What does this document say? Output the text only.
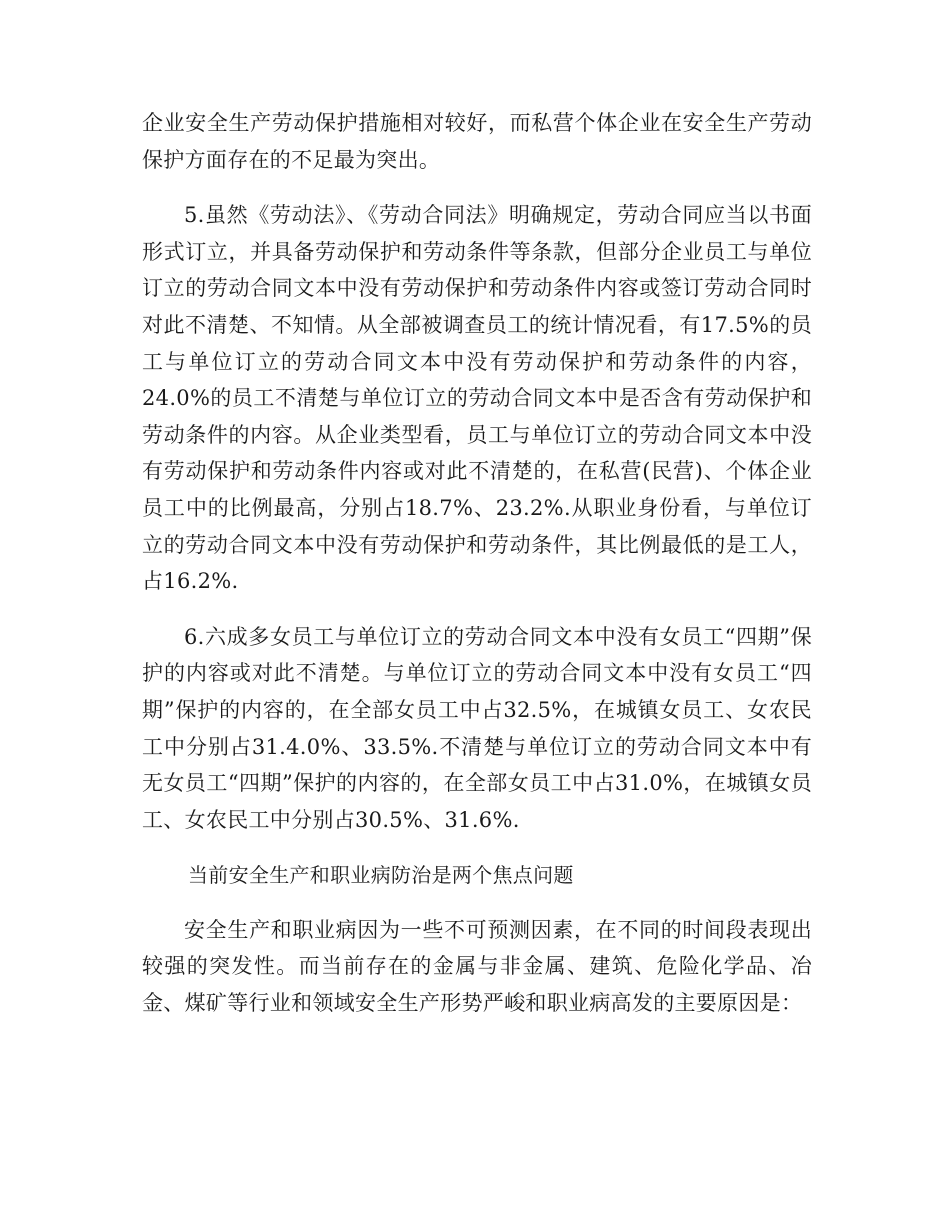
企业安全生产劳动保护措施相对较好，而私营个体企业在安全生产劳动保护方面存在的不足最为突出。

5.虽然《劳动法》、《劳动合同法》明确规定，劳动合同应当以书面形式订立，并具备劳动保护和劳动条件等条款，但部分企业员工与单位订立的劳动合同文本中没有劳动保护和劳动条件内容或签订劳动合同时对此不清楚、不知情。从全部被调查员工的统计情况看，有17.5%的员工与单位订立的劳动合同文本中没有劳动保护和劳动条件的内容，24.0%的员工不清楚与单位订立的劳动合同文本中是否含有劳动保护和劳动条件的内容。从企业类型看，员工与单位订立的劳动合同文本中没有劳动保护和劳动条件内容或对此不清楚的，在私营(民营)、个体企业员工中的比例最高，分别占18.7%、23.2%.从职业身份看，与单位订立的劳动合同文本中没有劳动保护和劳动条件，其比例最低的是工人，占16.2%.

6.六成多女员工与单位订立的劳动合同文本中没有女员工“四期”保护的内容或对此不清楚。与单位订立的劳动合同文本中没有女员工“四期”保护的内容的，在全部女员工中占32.5%，在城镇女员工、女农民工中分别占31.4.0%、33.5%.不清楚与单位订立的劳动合同文本中有无女员工“四期”保护的内容的，在全部女员工中占31.0%，在城镇女员工、女农民工中分别占30.5%、31.6%.

当前安全生产和职业病防治是两个焦点问题

安全生产和职业病因为一些不可预测因素，在不同的时间段表现出较强的突发性。而当前存在的金属与非金属、建筑、危险化学品、冶金、煤矿等行业和领域安全生产形势严峻和职业病高发的主要原因是：
